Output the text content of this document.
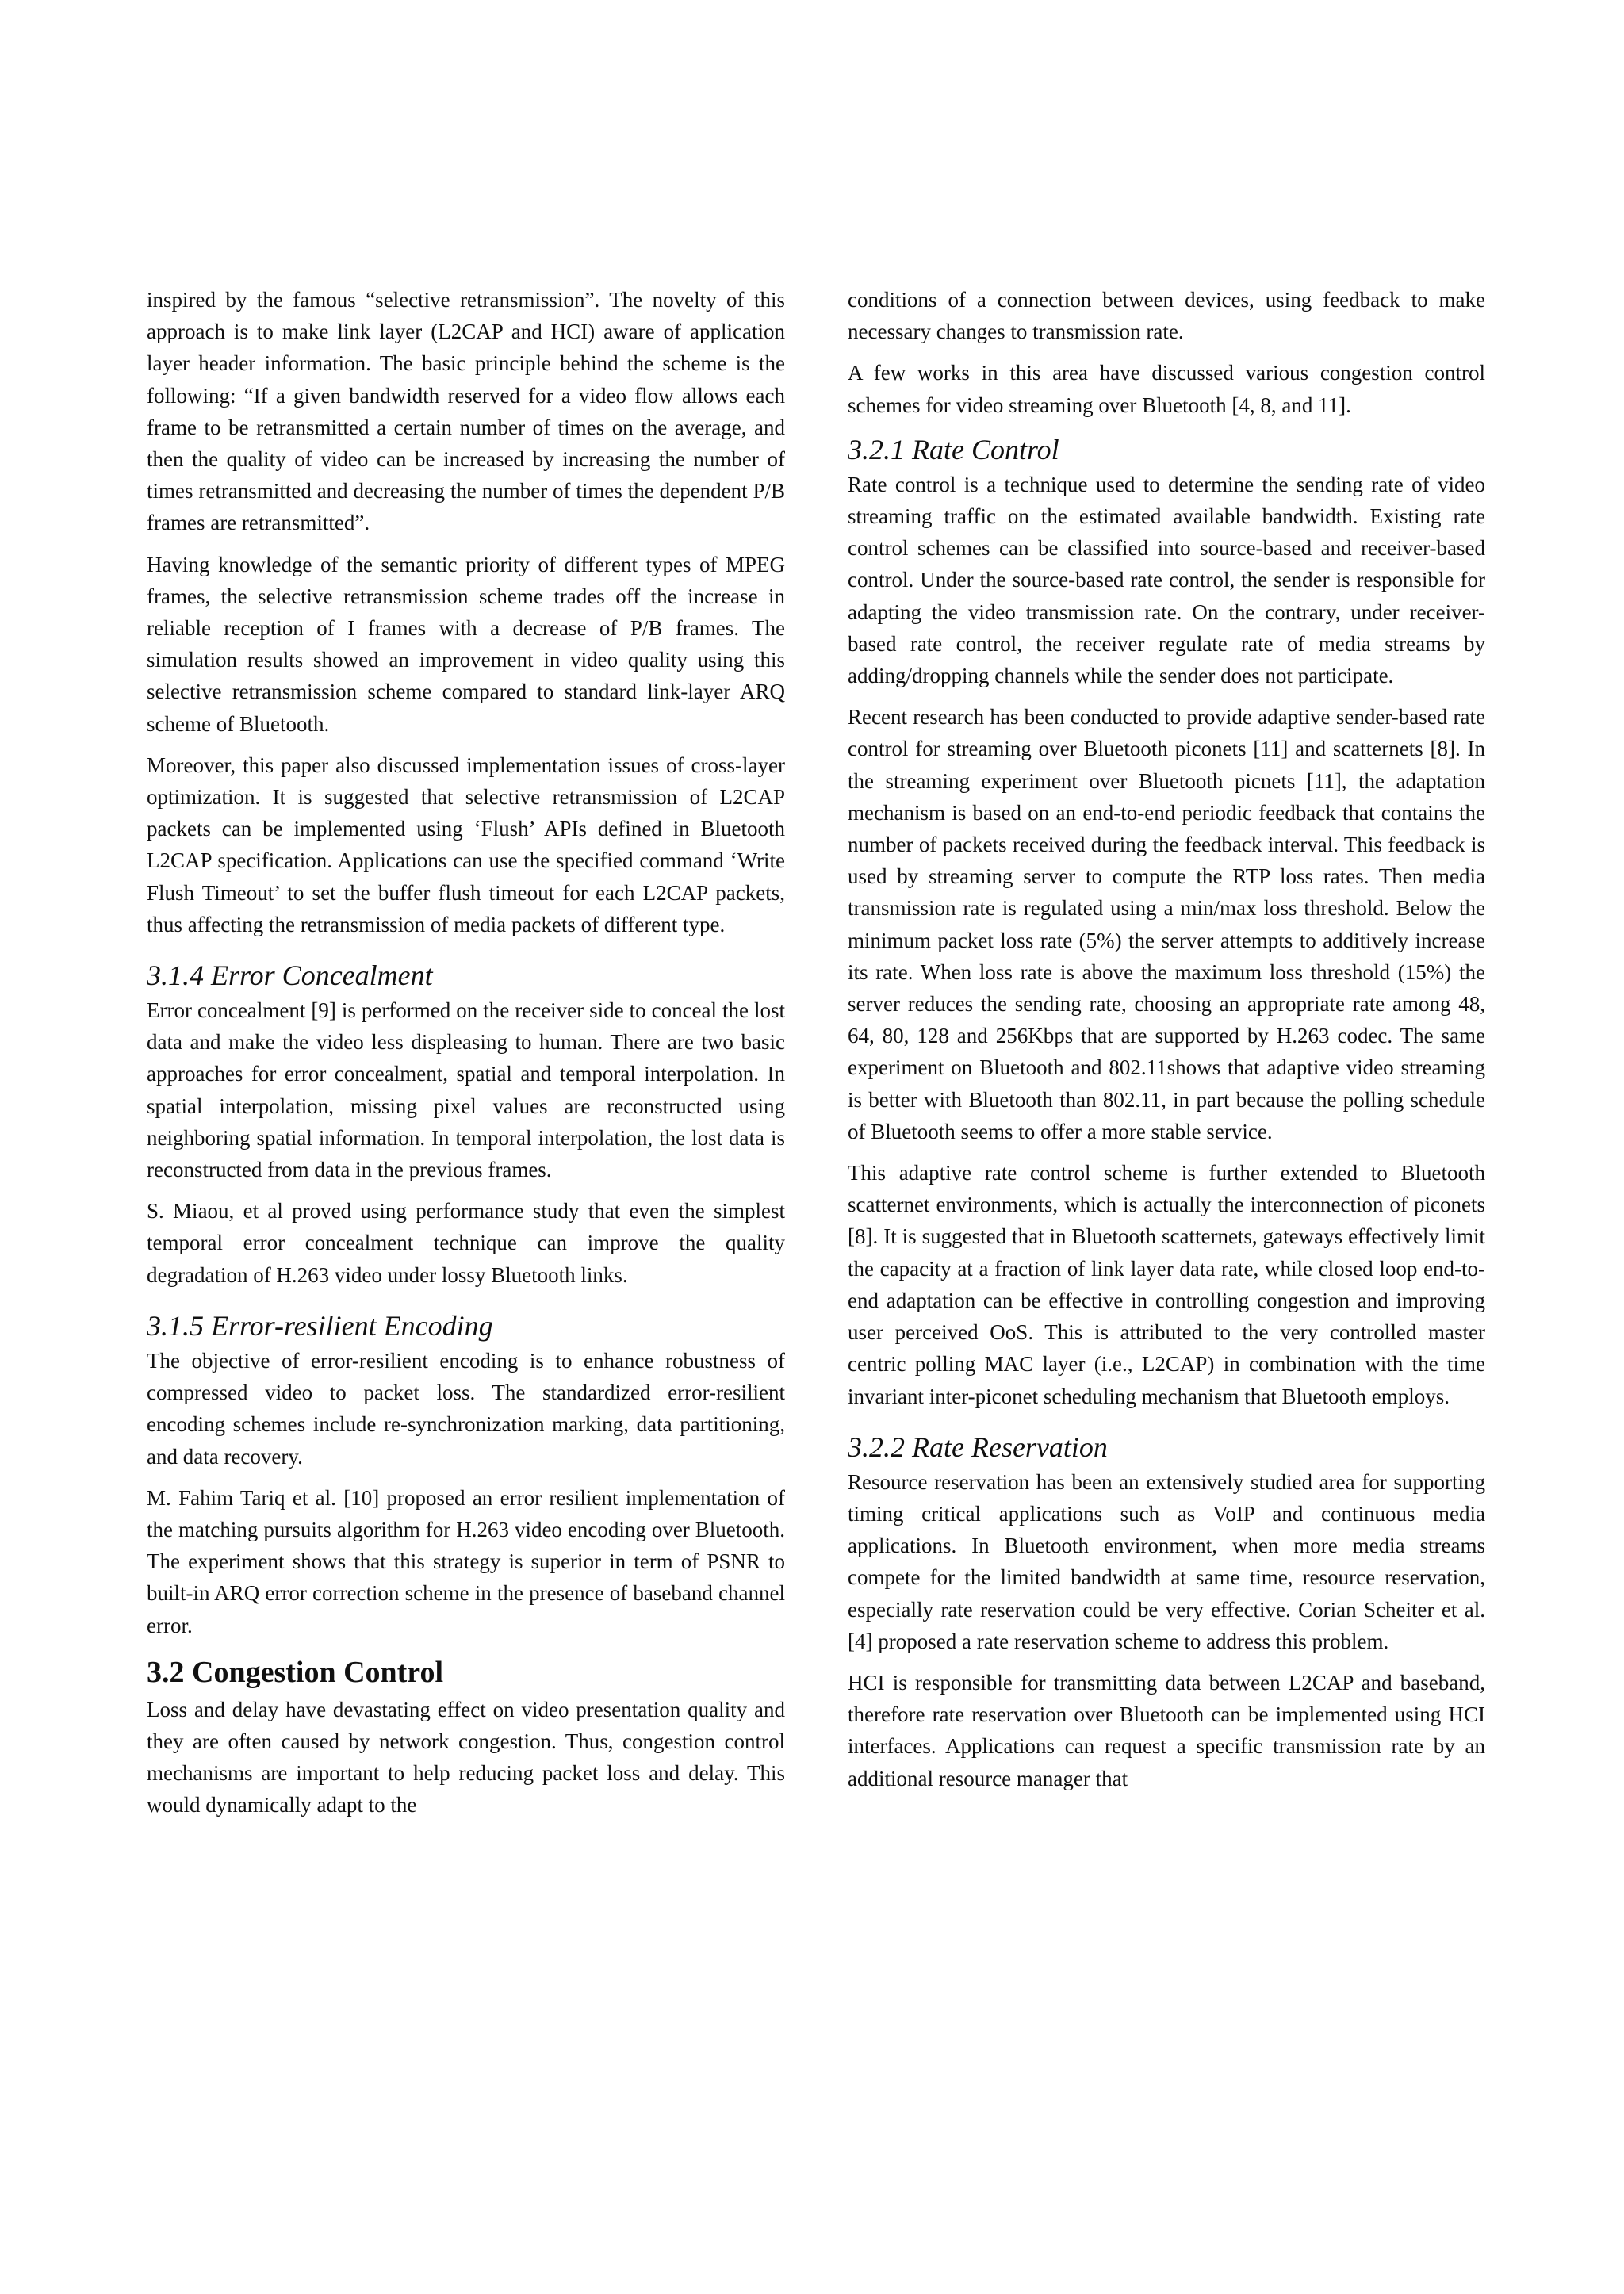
inspired by the famous “selective retransmission”. The novelty of this approach is to make link layer (L2CAP and HCI) aware of application layer header information. The basic principle behind the scheme is the following: “If a given bandwidth reserved for a video flow allows each frame to be retransmitted a certain number of times on the average, and then the quality of video can be increased by increasing the number of times retransmitted and decreasing the number of times the dependent P/B frames are retransmitted”.

Having knowledge of the semantic priority of different types of MPEG frames, the selective retransmission scheme trades off the increase in reliable reception of I frames with a decrease of P/B frames. The simulation results showed an improvement in video quality using this selective retransmission scheme compared to standard link-layer ARQ scheme of Bluetooth.

Moreover, this paper also discussed implementation issues of cross-layer optimization. It is suggested that selective retransmission of L2CAP packets can be implemented using ‘Flush’ APIs defined in Bluetooth L2CAP specification. Applications can use the specified command ‘Write Flush Timeout’ to set the buffer flush timeout for each L2CAP packets, thus affecting the retransmission of media packets of different type.

3.1.4 Error Concealment

Error concealment [9] is performed on the receiver side to conceal the lost data and make the video less displeasing to human. There are two basic approaches for error concealment, spatial and temporal interpolation. In spatial interpolation, missing pixel values are reconstructed using neighboring spatial information. In temporal interpolation, the lost data is reconstructed from data in the previous frames.

S. Miaou, et al proved using performance study that even the simplest temporal error concealment technique can improve the quality degradation of H.263 video under lossy Bluetooth links.

3.1.5 Error-resilient Encoding

The objective of error-resilient encoding is to enhance robustness of compressed video to packet loss. The standardized error-resilient encoding schemes include re-synchronization marking, data partitioning, and data recovery.

M. Fahim Tariq et al. [10] proposed an error resilient implementation of the matching pursuits algorithm for H.263 video encoding over Bluetooth. The experiment shows that this strategy is superior in term of PSNR to built-in ARQ error correction scheme in the presence of baseband channel error.

3.2 Congestion Control

Loss and delay have devastating effect on video presentation quality and they are often caused by network congestion. Thus, congestion control mechanisms are important to help reducing packet loss and delay. This would dynamically adapt to the

conditions of a connection between devices, using feedback to make necessary changes to transmission rate.

A few works in this area have discussed various congestion control schemes for video streaming over Bluetooth [4, 8, and 11].

3.2.1 Rate Control

Rate control is a technique used to determine the sending rate of video streaming traffic on the estimated available bandwidth. Existing rate control schemes can be classified into source-based and receiver-based control. Under the source-based rate control, the sender is responsible for adapting the video transmission rate. On the contrary, under receiver-based rate control, the receiver regulate rate of media streams by adding/dropping channels while the sender does not participate.

Recent research has been conducted to provide adaptive sender-based rate control for streaming over Bluetooth piconets [11] and scatternets [8]. In the streaming experiment over Bluetooth picnets [11], the adaptation mechanism is based on an end-to-end periodic feedback that contains the number of packets received during the feedback interval. This feedback is used by streaming server to compute the RTP loss rates. Then media transmission rate is regulated using a min/max loss threshold. Below the minimum packet loss rate (5%) the server attempts to additively increase its rate. When loss rate is above the maximum loss threshold (15%) the server reduces the sending rate, choosing an appropriate rate among 48, 64, 80, 128 and 256Kbps that are supported by H.263 codec. The same experiment on Bluetooth and 802.11shows that adaptive video streaming is better with Bluetooth than 802.11, in part because the polling schedule of Bluetooth seems to offer a more stable service.

This adaptive rate control scheme is further extended to Bluetooth scatternet environments, which is actually the interconnection of piconets [8]. It is suggested that in Bluetooth scatternets, gateways effectively limit the capacity at a fraction of link layer data rate, while closed loop end-to-end adaptation can be effective in controlling congestion and improving user perceived OoS. This is attributed to the very controlled master centric polling MAC layer (i.e., L2CAP) in combination with the time invariant inter-piconet scheduling mechanism that Bluetooth employs.

3.2.2 Rate Reservation

Resource reservation has been an extensively studied area for supporting timing critical applications such as VoIP and continuous media applications. In Bluetooth environment, when more media streams compete for the limited bandwidth at same time, resource reservation, especially rate reservation could be very effective. Corian Scheiter et al. [4] proposed a rate reservation scheme to address this problem.

HCI is responsible for transmitting data between L2CAP and baseband, therefore rate reservation over Bluetooth can be implemented using HCI interfaces. Applications can request a specific transmission rate by an additional resource manager that
